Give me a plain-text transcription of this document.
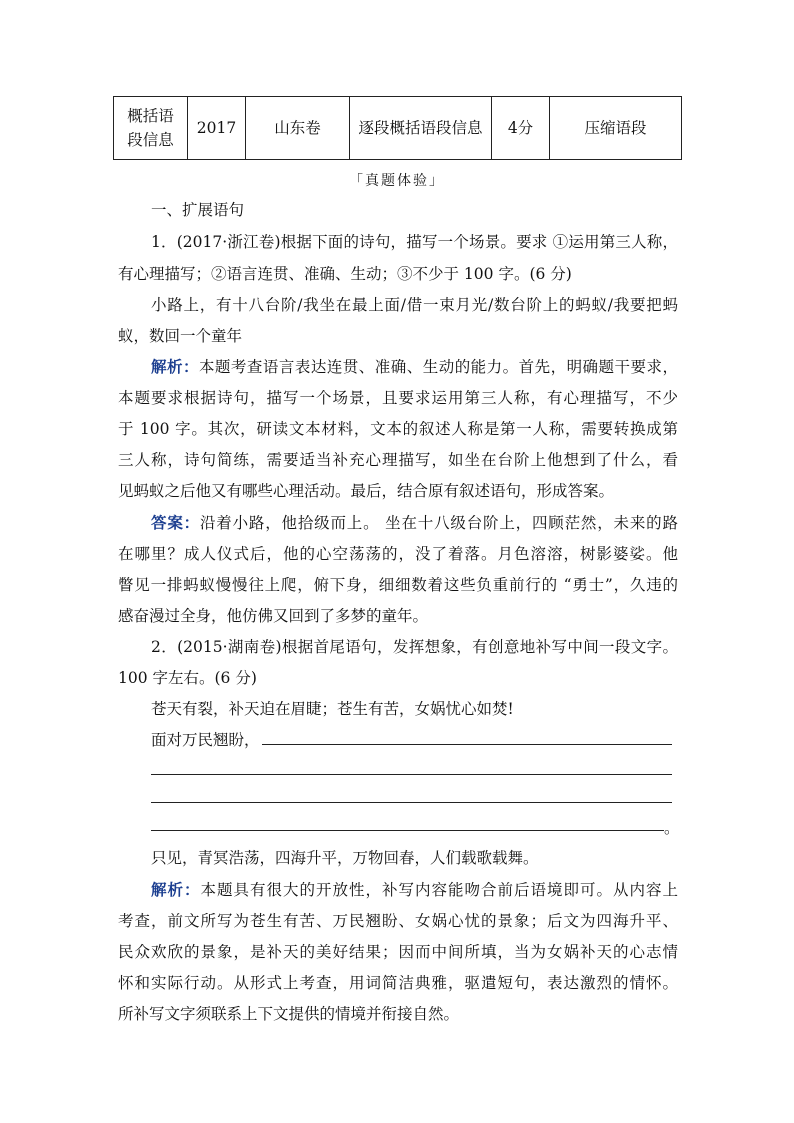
概括语
段信息
	2017	山东卷	逐段概括语段信息	4分	压缩语段
「真题体验」
一、扩展语句
1．(2017·浙江卷)根据下面的诗句，描写一个场景。要求 ①运用第三人称，
有心理描写；②语言连贯、准确、生动；③不少于 100 字。(6 分)
小路上，有十八台阶/我坐在最上面/借一束月光/数台阶上的蚂蚁/我要把蚂
蚁，数回一个童年
解析：本题考查语言表达连贯、准确、生动的能力。首先，明确题干要求，
本题要求根据诗句，描写一个场景，且要求运用第三人称，有心理描写，不少
于 100 字。其次，研读文本材料，文本的叙述人称是第一人称，需要转换成第
三人称，诗句简练，需要适当补充心理描写，如坐在台阶上他想到了什么，看
见蚂蚁之后他又有哪些心理活动。最后，结合原有叙述语句，形成答案。
答案：沿着小路，他拾级而上。 坐在十八级台阶上，四顾茫然，未来的路
在哪里？成人仪式后，他的心空荡荡的，没了着落。月色溶溶，树影婆娑。他
瞥见一排蚂蚁慢慢往上爬，俯下身，细细数着这些负重前行的 “勇士”，久违的
感奋漫过全身，他仿佛又回到了多梦的童年。
2．(2015·湖南卷)根据首尾语句，发挥想象，有创意地补写中间一段文字。
100 字左右。(6 分)
苍天有裂，补天迫在眉睫；苍生有苦，女娲忧心如焚!
面对万民翘盼，
。
只见，青冥浩荡，四海升平，万物回春，人们载歌载舞。
解析：本题具有很大的开放性，补写内容能吻合前后语境即可。从内容上
考查，前文所写为苍生有苦、万民翘盼、女娲心忧的景象；后文为四海升平、
民众欢欣的景象，是补天的美好结果；因而中间所填，当为女娲补天的心志情
怀和实际行动。从形式上考查，用词简洁典雅，驱遣短句，表达激烈的情怀。
所补写文字须联系上下文提供的情境并衔接自然。
